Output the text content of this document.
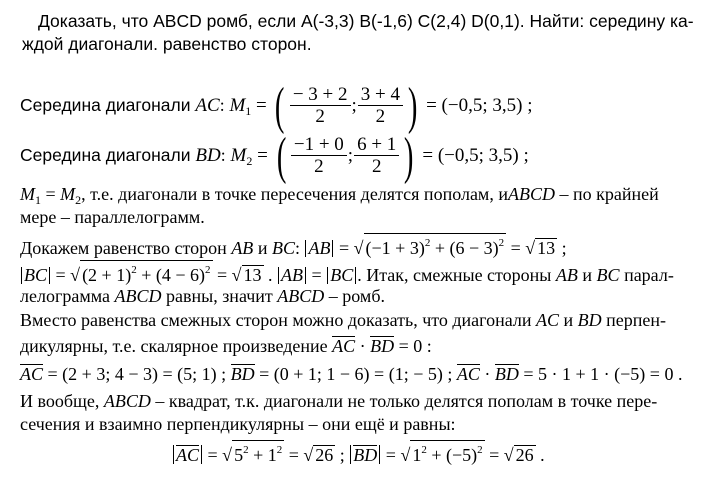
Доказать, что ABCD ромб, если A(-3,3) B(-1,6) C(2,4) D(0,1). Найти: середину ка-
ждой диагонали. равенство сторон.
Середина диагонали AC: $M_1$ = ( $\frac{- 3 + 2}{2}$ ; $\frac{3 + 4}{2}$ ) = (−0,5; 3,5) ;
Середина диагонали BD: $M_2$ = ( $\frac{-1 + 0}{2}$ ; $\frac{6 + 1}{2}$ ) = (−0,5; 3,5) ;
$M_1 = M_2$, т.е. диагонали в точке пересечения делятся пополам, иABCD – по крайней
мере – параллелограмм.
Докажем равенство сторон AB и BC: AB = √ $(-1 + 3)^2 + (6 - 3)^2$ = √ 13 ;
BC = √ $(2 + 1)^2 + (4 - 6)^2$ = √ 13 . AB = BC . Итак, смежные стороны AB и BC парал-
лелограмма ABCD равны, значит ABCD – ромб.
Вместо равенства смежных сторон можно доказать, что диагонали AC и BD перпен-
дикулярны, т.е. скалярное произведение AC · BD = 0 :
AC = (2 + 3; 4 − 3) = (5; 1) ; BD = (0 + 1; 1 − 6) = (1; − 5) ; AC · BD = 5 · 1 + 1 · (−5) = 0 .
И вообще, ABCD – квадрат, т.к. диагонали не только делятся пополам в точке пере-
сечения и взаимно перпендикулярны – они ещё и равны:
AC = √ $5^2 + 1^2$ = √ 26 ; BD = √ $1^2 + (-5)^2$ = √ 26 .
